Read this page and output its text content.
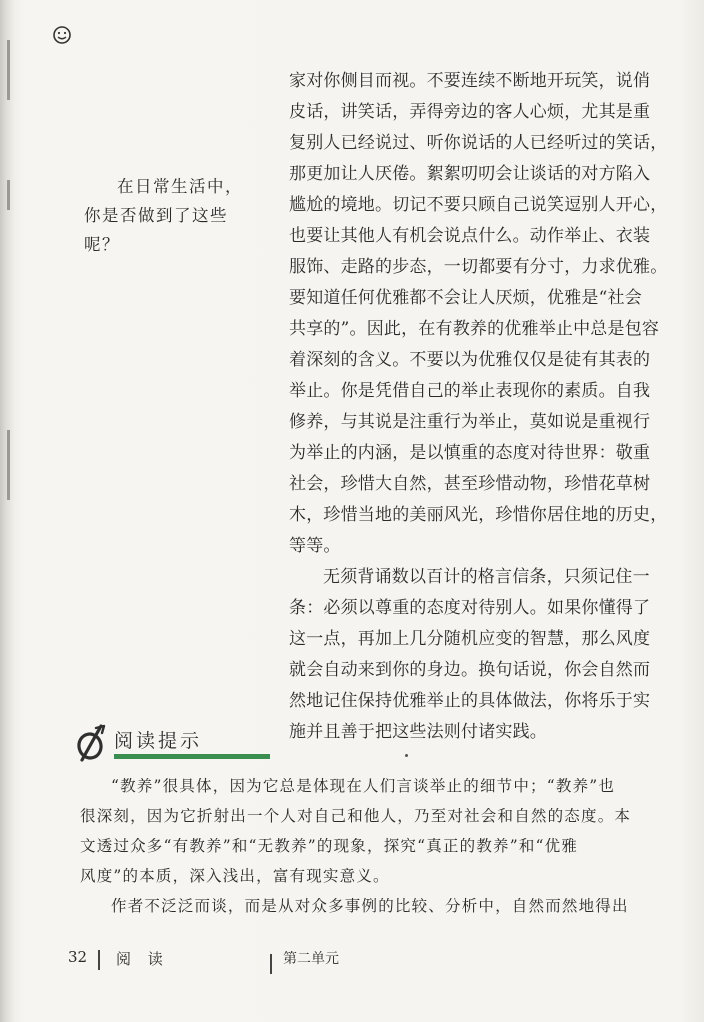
在日常生活中，你是否做到了这些呢？

家对你侧目而视。不要连续不断地开玩笑，说俏
皮话，讲笑话，弄得旁边的客人心烦，尤其是重
复别人已经说过、听你说话的人已经听过的笑话，
那更加让人厌倦。絮絮叨叨会让谈话的对方陷入
尴尬的境地。切记不要只顾自己说笑逗别人开心，
也要让其他人有机会说点什么。动作举止、衣装
服饰、走路的步态，一切都要有分寸，力求优雅。
要知道任何优雅都不会让人厌烦，优雅是“社会
共享的”。因此，在有教养的优雅举止中总是包容
着深刻的含义。不要以为优雅仅仅是徒有其表的
举止。你是凭借自己的举止表现你的素质。自我
修养，与其说是注重行为举止，莫如说是重视行
为举止的内涵，是以慎重的态度对待世界：敬重
社会，珍惜大自然，甚至珍惜动物，珍惜花草树
木，珍惜当地的美丽风光，珍惜你居住地的历史，
等等。
无须背诵数以百计的格言信条，只须记住一
条：必须以尊重的态度对待别人。如果你懂得了
这一点，再加上几分随机应变的智慧，那么风度
就会自动来到你的身边。换句话说，你会自然而
然地记住保持优雅举止的具体做法，你将乐于实
施并且善于把这些法则付诸实践。
阅读提示
“教养”很具体，因为它总是体现在人们言谈举止的细节中；“教养”也
很深刻，因为它折射出一个人对自己和他人，乃至对社会和自然的态度。本
文透过众多“有教养”和“无教养”的现象，探究“真正的教养”和“优雅
风度”的本质，深入浅出，富有现实意义。
作者不泛泛而谈，而是从对众多事例的比较、分析中，自然而然地得出
32 阅 读	第二单元
